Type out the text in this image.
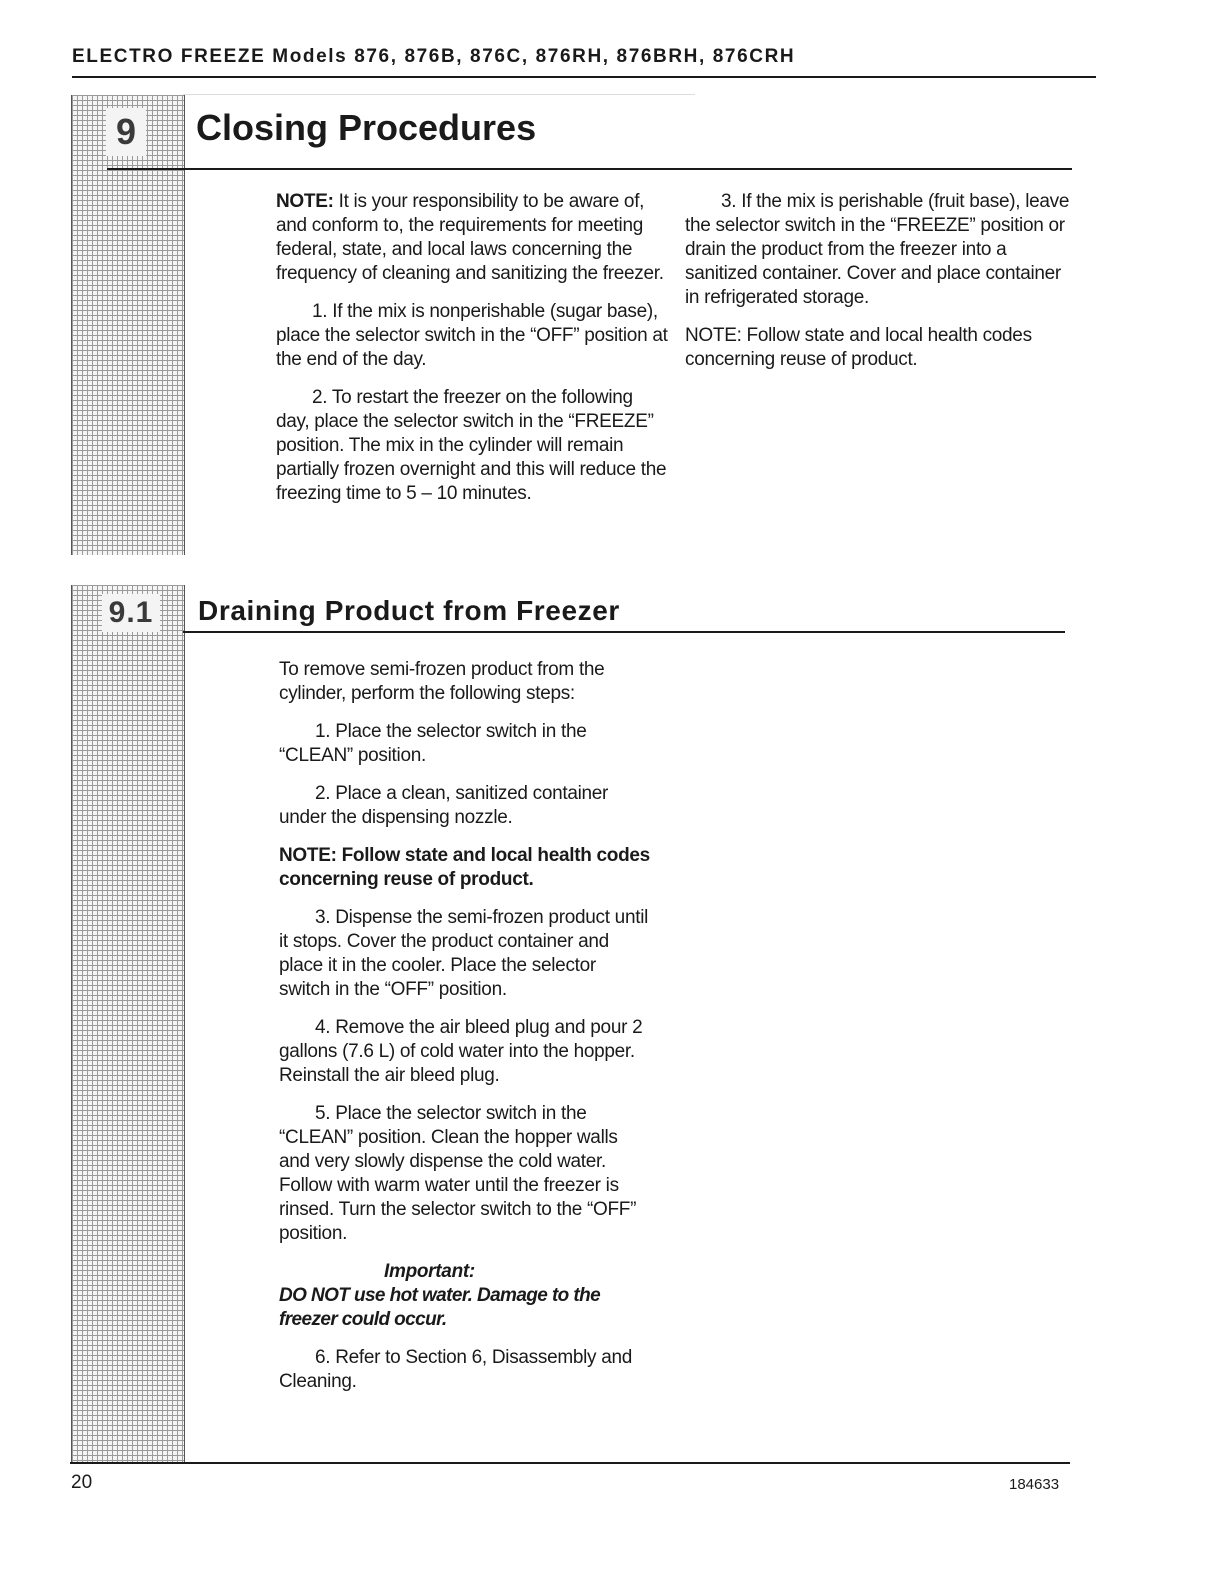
ELECTRO FREEZE Models 876, 876B, 876C, 876RH, 876BRH, 876CRH
9 Closing Procedures

NOTE: It is your responsibility to be aware of, and conform to, the requirements for meeting federal, state, and local laws concerning the frequency of cleaning and sanitizing the freezer.

1. If the mix is nonperishable (sugar base), place the selector switch in the “OFF” position at the end of the day.

2. To restart the freezer on the following day, place the selector switch in the “FREEZE” position. The mix in the cylinder will remain partially frozen overnight and this will reduce the freezing time to 5 – 10 minutes.

3. If the mix is perishable (fruit base), leave the selector switch in the “FREEZE” position or drain the product from the freezer into a sanitized container. Cover and place container in refrigerated storage.

NOTE: Follow state and local health codes concerning reuse of product.

9.1 Draining Product from Freezer

To remove semi-frozen product from the cylinder, perform the following steps:

1. Place the selector switch in the “CLEAN” position.

2. Place a clean, sanitized container under the dispensing nozzle.

NOTE: Follow state and local health codes concerning reuse of product.

3. Dispense the semi-frozen product until it stops. Cover the product container and place it in the cooler. Place the selector switch in the “OFF” position.

4. Remove the air bleed plug and pour 2 gallons (7.6 L) of cold water into the hopper. Reinstall the air bleed plug.

5. Place the selector switch in the “CLEAN” position. Clean the hopper walls and very slowly dispense the cold water. Follow with warm water until the freezer is rinsed. Turn the selector switch to the “OFF” position.

Important:

DO NOT use hot water. Damage to the freezer could occur.

6. Refer to Section 6, Disassembly and Cleaning.

20	184633
